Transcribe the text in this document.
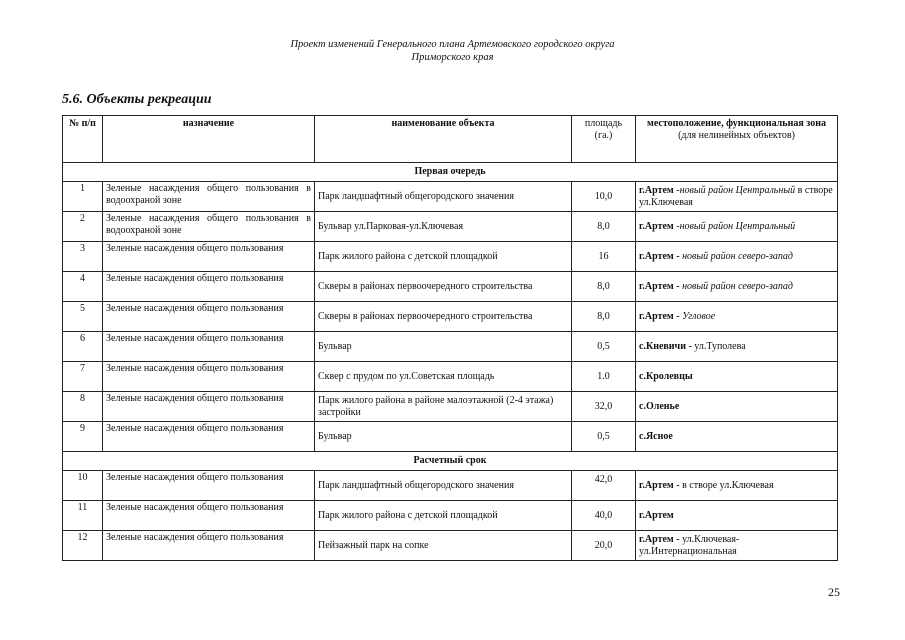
Проект изменений Генерального плана Артемовского городского округа
Приморского края
5.6. Объекты рекреации
№ п/п	назначение	наименование объекта	площадь (га.)	местоположение, функциональная зона
(для нелинейных объектов)
Первая очередь				
1	Зеленые насаждения общего пользования в водоохраной зоне	Парк ландшафтный общегородского значения	10,0	г.Артем -новый район Центральный в створе ул.Ключевая
2	Зеленые насаждения общего пользования в водоохраной зоне	Бульвар ул.Парковая-ул.Ключевая	8,0	г.Артем -новый район Центральный
3	Зеленые насаждения общего пользования	Парк жилого района с детской площадкой	16	г.Артем - новый район северо-запад
4	Зеленые насаждения общего пользования	Скверы в районах первоочередного строительства	8,0	г.Артем - новый район северо-запад
5	Зеленые насаждения общего пользования	Скверы в районах первоочередного строительства	8,0	г.Артем - Угловое
6	Зеленые насаждения общего пользования	Бульвар	0,5	с.Кневичи - ул.Туполева
7	Зеленые насаждения общего пользования	Сквер с прудом по ул.Советская площадь	1.0	с.Кролевцы
8	Зеленые насаждения общего пользования	Парк жилого района в районе малоэтажной (2-4 этажа) застройки	32,0	с.Оленье
9	Зеленые насаждения общего пользования	Бульвар	0,5	с.Ясное
Расчетный срок				
10	Зеленые насаждения общего пользования	Парк ландшафтный общегородского значения	42,0	г.Артем - в створе ул.Ключевая
11	Зеленые насаждения общего пользования	Парк жилого района с детской площадкой	40,0	г.Артем
12	Зеленые насаждения общего пользования	Пейзажный парк на сопке	20,0	г.Артем - ул.Ключевая-ул.Интернациональная
25
